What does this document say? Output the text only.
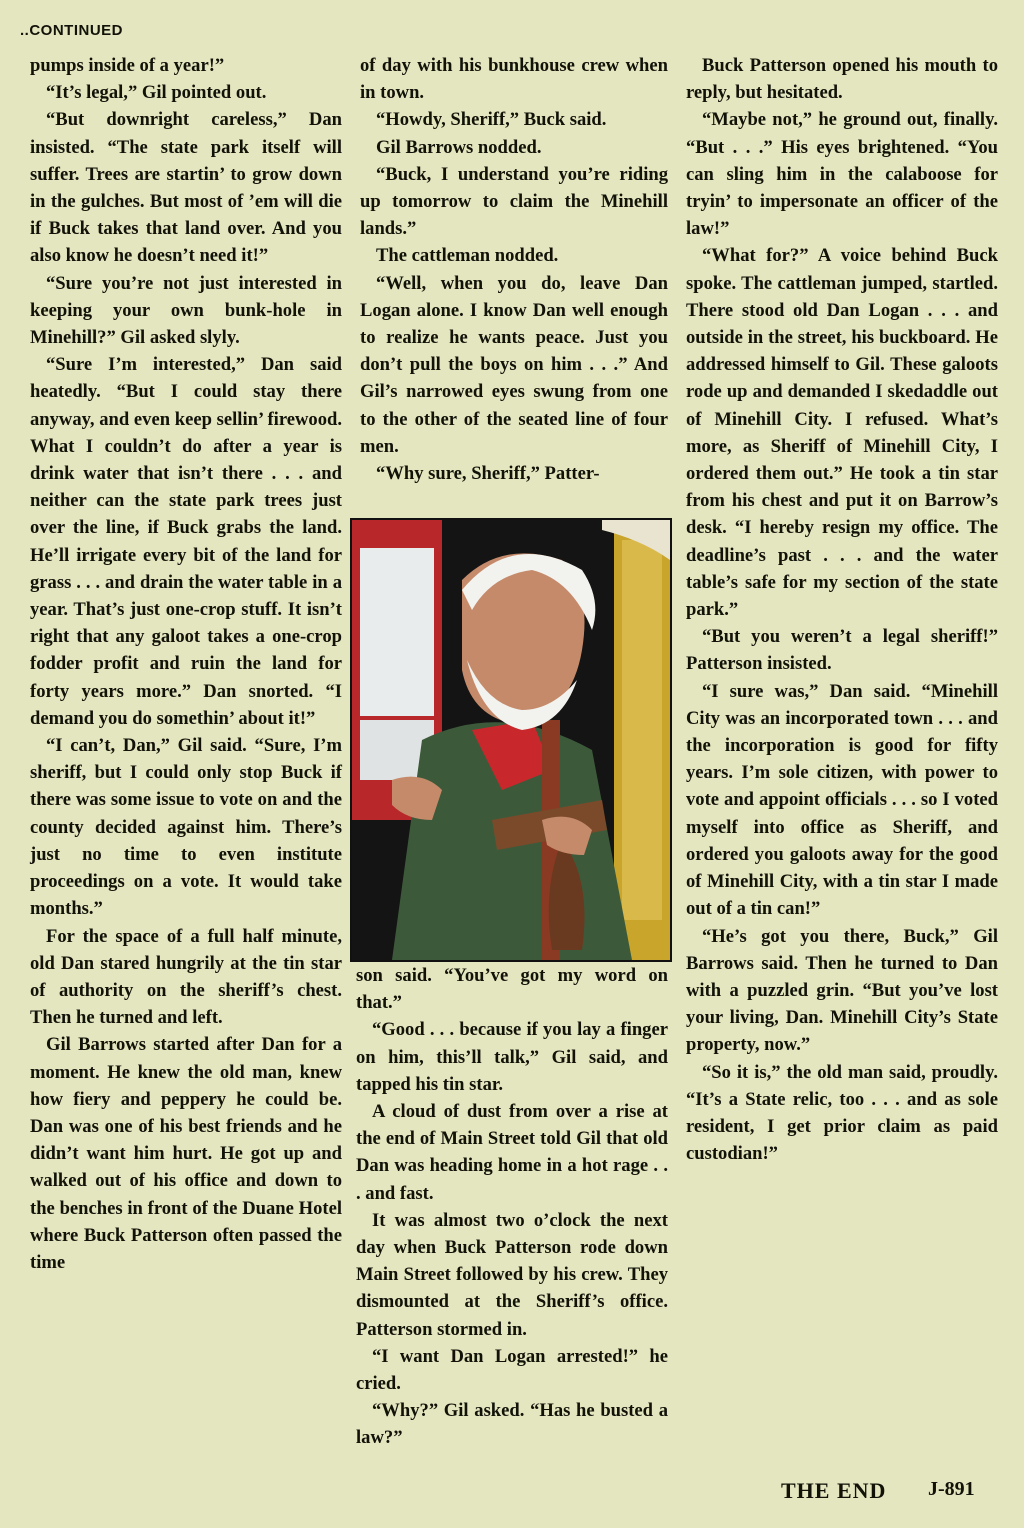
..CONTINUED

pumps inside of a year!”

“It’s legal,” Gil pointed out.

“But downright careless,” Dan insisted. “The state park itself will suffer. Trees are startin’ to grow down in the gulches. But most of ’em will die if Buck takes that land over. And you also know he doesn’t need it!”

“Sure you’re not just interested in keeping your own bunk-hole in Minehill?” Gil asked slyly.

“Sure I’m interested,” Dan said heatedly. “But I could stay there anyway, and even keep sellin’ firewood. What I couldn’t do after a year is drink water that isn’t there . . . and neither can the state park trees just over the line, if Buck grabs the land. He’ll irrigate every bit of the land for grass . . . and drain the water table in a year. That’s just one-crop stuff. It isn’t right that any galoot takes a one-crop fodder profit and ruin the land for forty years more.” Dan snorted. “I demand you do somethin’ about it!”

“I can’t, Dan,” Gil said. “Sure, I’m sheriff, but I could only stop Buck if there was some issue to vote on and the county decided against him. There’s just no time to even institute proceedings on a vote. It would take months.”

For the space of a full half minute, old Dan stared hungrily at the tin star of authority on the sheriff’s chest. Then he turned and left.

Gil Barrows started after Dan for a moment. He knew the old man, knew how fiery and peppery he could be. Dan was one of his best friends and he didn’t want him hurt. He got up and walked out of his office and down to the benches in front of the Duane Hotel where Buck Patterson often passed the time

of day with his bunkhouse crew when in town.

“Howdy, Sheriff,” Buck said.

Gil Barrows nodded.

“Buck, I understand you’re riding up tomorrow to claim the Minehill lands.”

The cattleman nodded.

“Well, when you do, leave Dan Logan alone. I know Dan well enough to realize he wants peace. Just you don’t pull the boys on him . . .” And Gil’s narrowed eyes swung from one to the other of the seated line of four men.

“Why sure, Sheriff,” Patter-

son said. “You’ve got my word on that.”

“Good . . . because if you lay a finger on him, this’ll talk,” Gil said, and tapped his tin star.

A cloud of dust from over a rise at the end of Main Street told Gil that old Dan was heading home in a hot rage . . . and fast.

It was almost two o’clock the next day when Buck Patterson rode down Main Street followed by his crew. They dismounted at the Sheriff’s office. Patterson stormed in.

“I want Dan Logan arrested!” he cried.

“Why?” Gil asked. “Has he busted a law?”

Buck Patterson opened his mouth to reply, but hesitated.

“Maybe not,” he ground out, finally. “But . . .” His eyes brightened. “You can sling him in the calaboose for tryin’ to impersonate an officer of the law!”

“What for?” A voice behind Buck spoke. The cattleman jumped, startled. There stood old Dan Logan . . . and outside in the street, his buckboard. He addressed himself to Gil. These galoots rode up and demanded I skedaddle out of Minehill City. I refused. What’s more, as Sheriff of Minehill City, I ordered them out.” He took a tin star from his chest and put it on Barrow’s desk. “I hereby resign my office. The deadline’s past . . . and the water table’s safe for my section of the state park.”

“But you weren’t a legal sheriff!” Patterson insisted.

“I sure was,” Dan said. “Minehill City was an incorporated town . . . and the incorporation is good for fifty years. I’m sole citizen, with power to vote and appoint officials . . . so I voted myself into office as Sheriff, and ordered you galoots away for the good of Minehill City, with a tin star I made out of a tin can!”

“He’s got you there, Buck,” Gil Barrows said. Then he turned to Dan with a puzzled grin. “But you’ve lost your living, Dan. Minehill City’s State property, now.”

“So it is,” the old man said, proudly. “It’s a State relic, too . . . and as sole resident, I get prior claim as paid custodian!”

THE END J-891
